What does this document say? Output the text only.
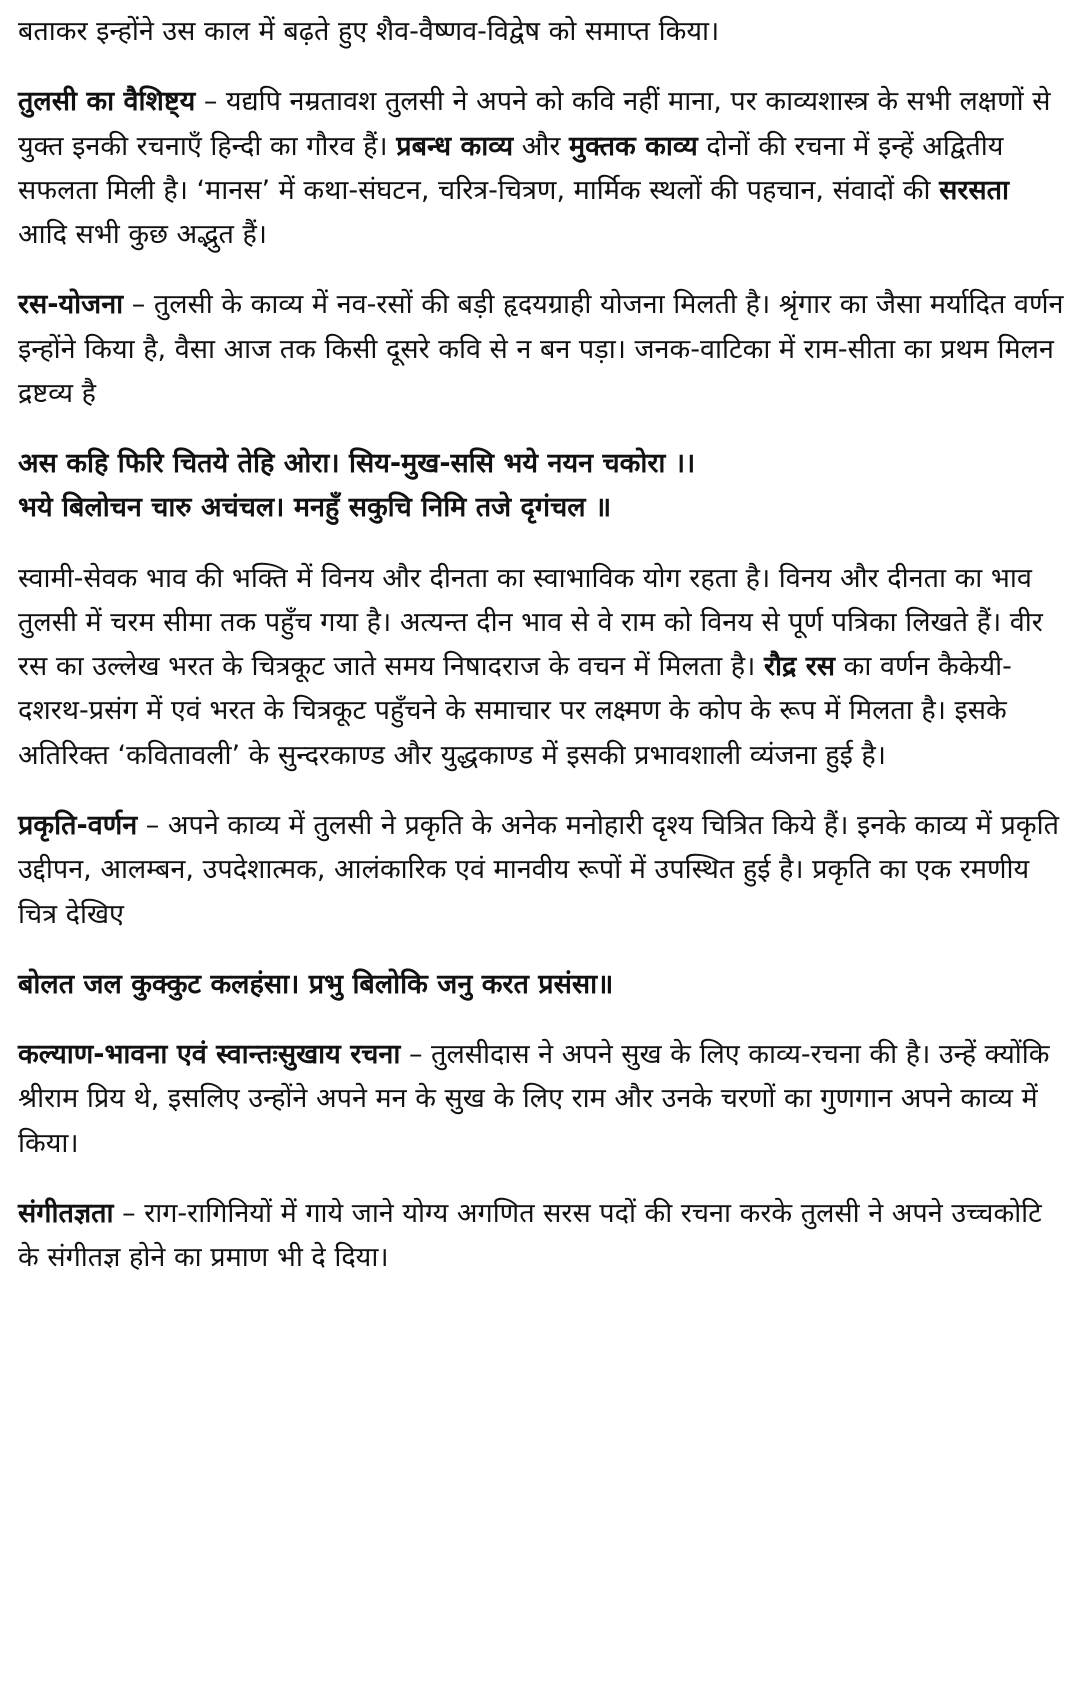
बताकर इन्होंने उस काल में बढ़ते हुए शैव-वैष्णव-विद्वेष को समाप्त किया।

तुलसी का वैशिष्ट्य – यद्यपि नम्रतावश तुलसी ने अपने को कवि नहीं माना, पर काव्यशास्त्र के सभी लक्षणों से युक्त इनकी रचनाएँ हिन्दी का गौरव हैं। प्रबन्ध काव्य और मुक्तक काव्य दोनों की रचना में इन्हें अद्वितीय सफलता मिली है। ‘मानस’ में कथा-संघटन, चरित्र-चित्रण, मार्मिक स्थलों की पहचान, संवादों की सरसता आदि सभी कुछ अद्भुत हैं।

रस-योजना – तुलसी के काव्य में नव-रसों की बड़ी हृदयग्राही योजना मिलती है। श्रृंगार का जैसा मर्यादित वर्णन इन्होंने किया है, वैसा आज तक किसी दूसरे कवि से न बन पड़ा। जनक-वाटिका में राम-सीता का प्रथम मिलन द्रष्टव्य है

अस कहि फिरि चितये तेहि ओरा। सिय-मुख-ससि भये नयन चकोरा ।।

भये बिलोचन चारु अचंचल। मनहुँ सकुचि निमि तजे दृगंचल ॥

स्वामी-सेवक भाव की भक्ति में विनय और दीनता का स्वाभाविक योग रहता है। विनय और दीनता का भाव तुलसी में चरम सीमा तक पहुँच गया है। अत्यन्त दीन भाव से वे राम को विनय से पूर्ण पत्रिका लिखते हैं। वीर रस का उल्लेख भरत के चित्रकूट जाते समय निषादराज के वचन में मिलता है। रौद्र रस का वर्णन कैकेयी-दशरथ-प्रसंग में एवं भरत के चित्रकूट पहुँचने के समाचार पर लक्ष्मण के कोप के रूप में मिलता है। इसके अतिरिक्त ‘कवितावली’ के सुन्दरकाण्ड और युद्धकाण्ड में इसकी प्रभावशाली व्यंजना हुई है।

प्रकृति-वर्णन – अपने काव्य में तुलसी ने प्रकृति के अनेक मनोहारी दृश्य चित्रित किये हैं। इनके काव्य में प्रकृति उद्दीपन, आलम्बन, उपदेशात्मक, आलंकारिक एवं मानवीय रूपों में उपस्थित हुई है। प्रकृति का एक रमणीय चित्र देखिए

बोलत जल कुक्कुट कलहंसा। प्रभु बिलोकि जनु करत प्रसंसा॥

कल्याण-भावना एवं स्वान्तःसुखाय रचना – तुलसीदास ने अपने सुख के लिए काव्य-रचना की है। उन्हें क्योंकि श्रीराम प्रिय थे, इसलिए उन्होंने अपने मन के सुख के लिए राम और उनके चरणों का गुणगान अपने काव्य में किया।

संगीतज्ञता – राग-रागिनियों में गाये जाने योग्य अगणित सरस पदों की रचना करके तुलसी ने अपने उच्चकोटि के संगीतज्ञ होने का प्रमाण भी दे दिया।
